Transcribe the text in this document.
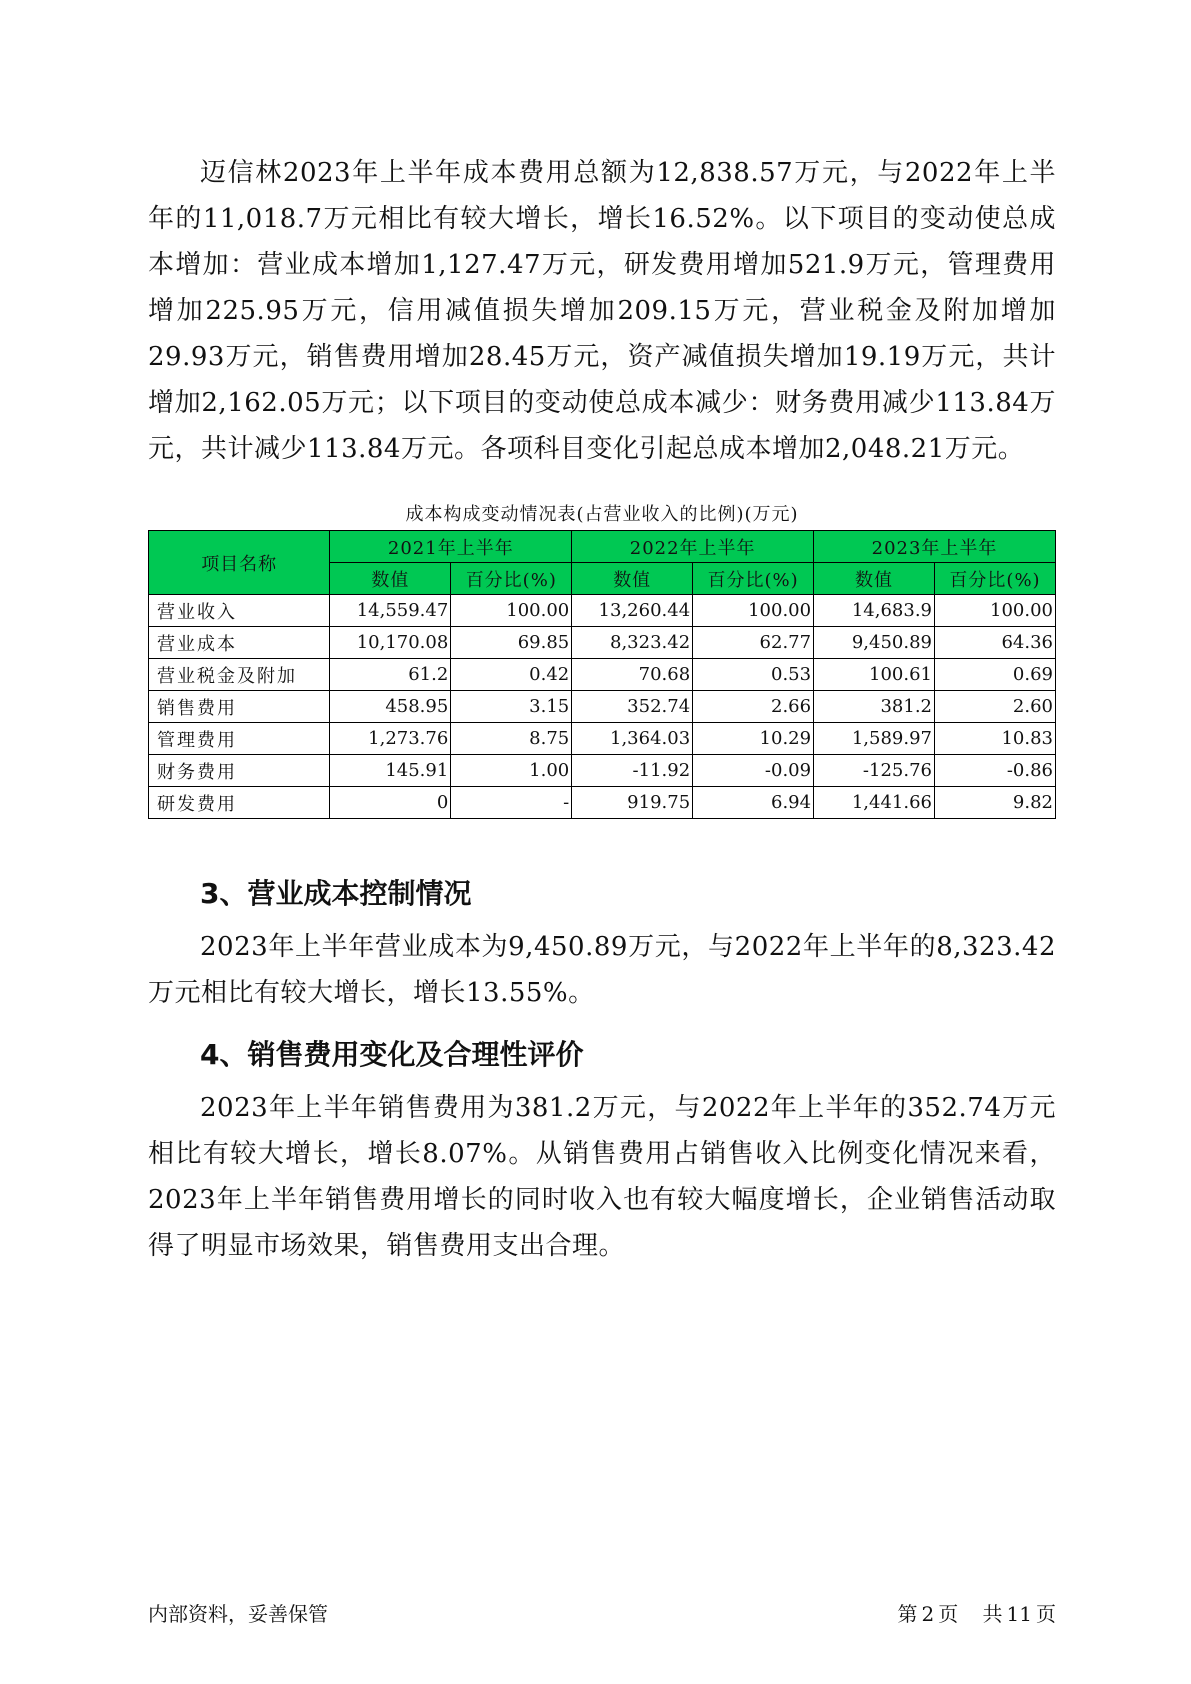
迈信林2023年上半年成本费用总额为12,838.57万元，与2022年上半年的11,018.7万元相比有较大增长，增长16.52%。以下项目的变动使总成本增加：营业成本增加1,127.47万元，研发费用增加521.9万元，管理费用增加225.95万元，信用减值损失增加209.15万元，营业税金及附加增加29.93万元，销售费用增加28.45万元，资产减值损失增加19.19万元，共计增加2,162.05万元；以下项目的变动使总成本减少：财务费用减少113.84万元，共计减少113.84万元。各项科目变化引起总成本增加2,048.21万元。

成本构成变动情况表(占营业收入的比例)(万元)
项目名称	2021年上半年		2022年上半年		2023年上半年	
	数值	百分比(%)	数值	百分比(%)	数值	百分比(%)
营业收入	14,559.47	100.00	13,260.44	100.00	14,683.9	100.00
营业成本	10,170.08	69.85	8,323.42	62.77	9,450.89	64.36
营业税金及附加	61.2	0.42	70.68	0.53	100.61	0.69
销售费用	458.95	3.15	352.74	2.66	381.2	2.60
管理费用	1,273.76	8.75	1,364.03	10.29	1,589.97	10.83
财务费用	145.91	1.00	-11.92	-0.09	-125.76	-0.86
研发费用	0	-	919.75	6.94	1,441.66	9.82
3、营业成本控制情况

2023年上半年营业成本为9,450.89万元，与2022年上半年的8,323.42万元相比有较大增长，增长13.55%。

4、销售费用变化及合理性评价

2023年上半年销售费用为381.2万元，与2022年上半年的352.74万元相比有较大增长，增长8.07%。从销售费用占销售收入比例变化情况来看，2023年上半年销售费用增长的同时收入也有较大幅度增长，企业销售活动取得了明显市场效果，销售费用支出合理。

内部资料，妥善保管	第 2 页 共 11 页
